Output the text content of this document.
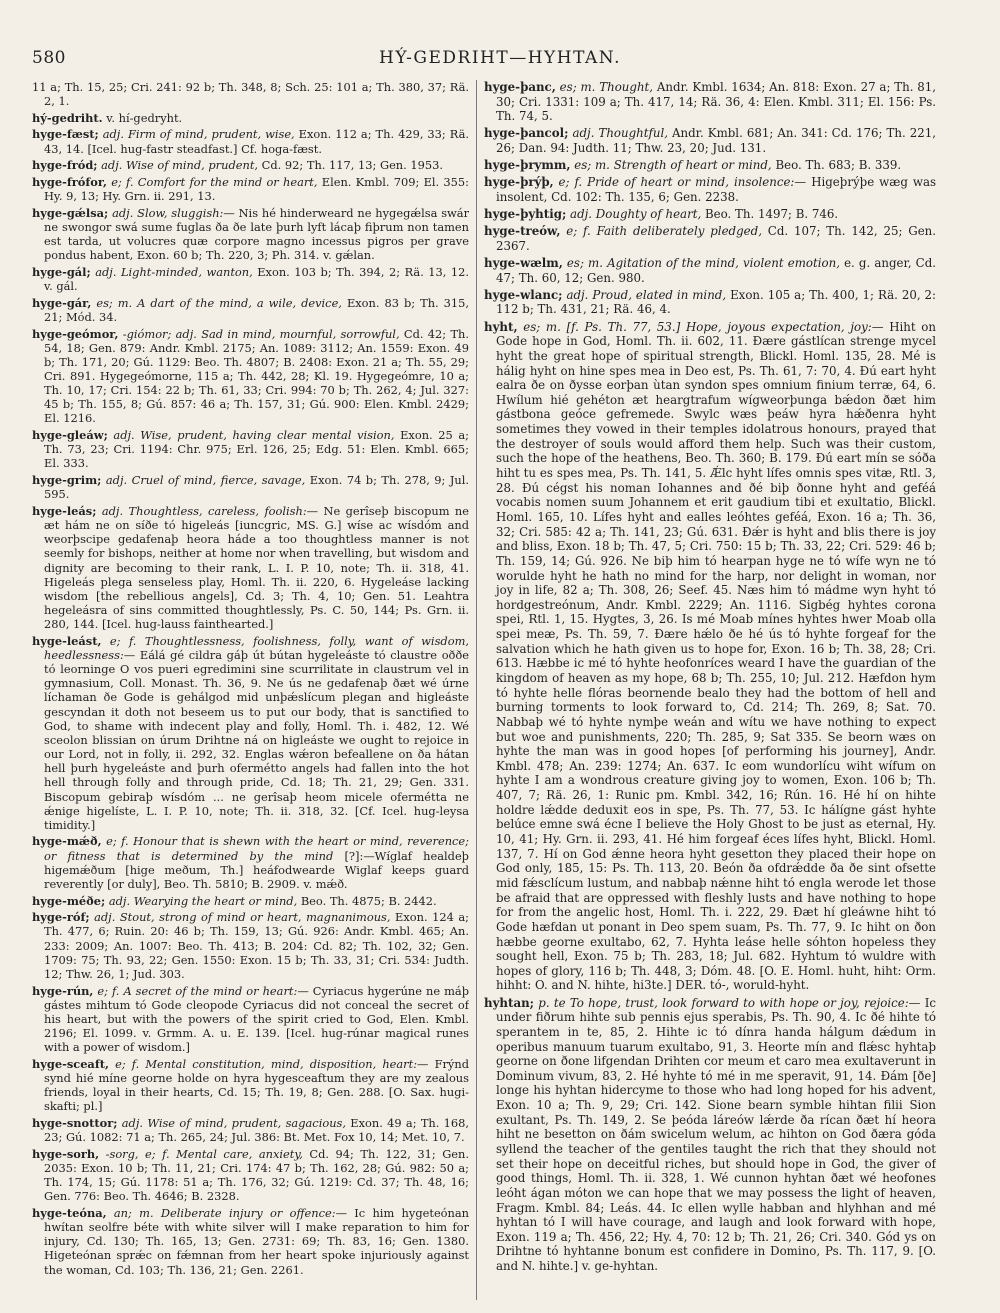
580	HÝ-GEDRIHT—HYHTAN.

11 a; Th. 15, 25; Cri. 241: 92 b; Th. 348, 8; Sch. 25: 101 a; Th. 380, 37; Rä. 2, 1.

hý-gedriht. v. hí-gedryht.

hyge-fæst; adj. Firm of mind, prudent, wise, Exon. 112 a; Th. 429, 33; Rä. 43, 14. [Icel. hug-fastr steadfast.] Cf. hoga-fæst.

hyge-fród; adj. Wise of mind, prudent, Cd. 92; Th. 117, 13; Gen. 1953.

hyge-frófor, e; f. Comfort for the mind or heart, Elen. Kmbl. 709; El. 355: Hy. 9, 13; Hy. Grn. ii. 291, 13.

hyge-gǽlsa; adj. Slow, sluggish:— Nis hé hinderweard ne hygegǽlsa swár ne swongor swá sume fuglas ða ðe late þurh lyft lácaþ fiþrum non tamen est tarda, ut volucres quæ corpore magno incessus pigros per grave pondus habent, Exon. 60 b; Th. 220, 3; Ph. 314. v. gǽlan.

hyge-gál; adj. Light-minded, wanton, Exon. 103 b; Th. 394, 2; Rä. 13, 12. v. gál.

hyge-gár, es; m. A dart of the mind, a wile, device, Exon. 83 b; Th. 315, 21; Mód. 34.

hyge-geómor, -giómor; adj. Sad in mind, mournful, sorrowful, Cd. 42; Th. 54, 18; Gen. 879: Andr. Kmbl. 2175; An. 1089: 3112; An. 1559: Exon. 49 b; Th. 171, 20; Gú. 1129: Beo. Th. 4807; B. 2408: Exon. 21 a; Th. 55, 29; Cri. 891. Hygegeómorne, 115 a; Th. 442, 28; Kl. 19. Hygegeómre, 10 a; Th. 10, 17; Cri. 154: 22 b; Th. 61, 33; Cri. 994: 70 b; Th. 262, 4; Jul. 327: 45 b; Th. 155, 8; Gú. 857: 46 a; Th. 157, 31; Gú. 900: Elen. Kmbl. 2429; El. 1216.

hyge-gleáw; adj. Wise, prudent, having clear mental vision, Exon. 25 a; Th. 73, 23; Cri. 1194: Chr. 975; Erl. 126, 25; Edg. 51: Elen. Kmbl. 665; El. 333.

hyge-grim; adj. Cruel of mind, fierce, savage, Exon. 74 b; Th. 278, 9; Jul. 595.

hyge-leás; adj. Thoughtless, careless, foolish:— Ne gerîseþ biscopum ne æt hám ne on síðe tó higeleás [iuncgric, MS. G.] wíse ac wísdóm and weorþscipe gedafenaþ heora háde a too thoughtless manner is not seemly for bishops, neither at home nor when travelling, but wisdom and dignity are becoming to their rank, L. I. P. 10, note; Th. ii. 318, 41. Higeleás plega senseless play, Homl. Th. ii. 220, 6. Hygeleáse lacking wisdom [the rebellious angels], Cd. 3; Th. 4, 10; Gen. 51. Leahtra hegeleásra of sins committed thoughtlessly, Ps. C. 50, 144; Ps. Grn. ii. 280, 144. [Icel. hug-lauss fainthearted.]

hyge-leást, e; f. Thoughtlessness, foolishness, folly, want of wisdom, heedlessness:— Eálá gé cildra gáþ út bútan hygeleáste tó claustre oððe tó leorninge O vos pueri egredimini sine scurrilitate in claustrum vel in gymnasium, Coll. Monast. Th. 36, 9. Ne ús ne gedafenaþ ðæt wé úrne líchaman ðe Gode is gehálgod mid unþǽslícum plegan and higleáste gescyndan it doth not beseem us to put our body, that is sanctified to God, to shame with indecent play and folly, Homl. Th. i. 482, 12. Wé sceolon blissian on úrum Drihtne ná on higleáste we ought to rejoice in our Lord, not in folly, ii. 292, 32. Englas wǽron befeallene on ða hátan hell þurh hygeleáste and þurh ofermétto angels had fallen into the hot hell through folly and through pride, Cd. 18; Th. 21, 29; Gen. 331. Biscopum gebiraþ wísdóm ... ne gerîsaþ heom micele ofermétta ne ǽnige higelíste, L. I. P. 10, note; Th. ii. 318, 32. [Cf. Icel. hug-leysa timidity.]

hyge-mǽð, e; f. Honour that is shewn with the heart or mind, reverence; or fitness that is determined by the mind [?]:—Wíglaf healdeþ higemǽðum [hige meðum, Th.] heáfodwearde Wiglaf keeps guard reverently [or duly], Beo. Th. 5810; B. 2909. v. mǽð.

hyge-méðe; adj. Wearying the heart or mind, Beo. Th. 4875; B. 2442.

hyge-róf; adj. Stout, strong of mind or heart, magnanimous, Exon. 124 a; Th. 477, 6; Ruin. 20: 46 b; Th. 159, 13; Gú. 926: Andr. Kmbl. 465; An. 233: 2009; An. 1007: Beo. Th. 413; B. 204: Cd. 82; Th. 102, 32; Gen. 1709: 75; Th. 93, 22; Gen. 1550: Exon. 15 b; Th. 33, 31; Cri. 534: Judth. 12; Thw. 26, 1; Jud. 303.

hyge-rún, e; f. A secret of the mind or heart:— Cyriacus hygerúne ne máþ gástes mihtum tó Gode cleopode Cyriacus did not conceal the secret of his heart, but with the powers of the spirit cried to God, Elen. Kmbl. 2196; El. 1099. v. Grmm. A. u. E. 139. [Icel. hug-rúnar magical runes with a power of wisdom.]

hyge-sceaft, e; f. Mental constitution, mind, disposition, heart:— Frýnd synd hié míne georne holde on hyra hygesceaftum they are my zealous friends, loyal in their hearts, Cd. 15; Th. 19, 8; Gen. 288. [O. Sax. hugi-skafti; pl.]

hyge-snottor; adj. Wise of mind, prudent, sagacious, Exon. 49 a; Th. 168, 23; Gú. 1082: 71 a; Th. 265, 24; Jul. 386: Bt. Met. Fox 10, 14; Met. 10, 7.

hyge-sorh, -sorg, e; f. Mental care, anxiety, Cd. 94; Th. 122, 31; Gen. 2035: Exon. 10 b; Th. 11, 21; Cri. 174: 47 b; Th. 162, 28; Gú. 982: 50 a; Th. 174, 15; Gú. 1178: 51 a; Th. 176, 32; Gú. 1219: Cd. 37; Th. 48, 16; Gen. 776: Beo. Th. 4646; B. 2328.

hyge-teóna, an; m. Deliberate injury or offence:— Ic him hygeteónan hwítan seolfre béte with white silver will I make reparation to him for injury, Cd. 130; Th. 165, 13; Gen. 2731: 69; Th. 83, 16; Gen. 1380. Higeteónan sprǽc on fǽmnan from her heart spoke injuriously against the woman, Cd. 103; Th. 136, 21; Gen. 2261.

hyge-þanc, es; m. Thought, Andr. Kmbl. 1634; An. 818: Exon. 27 a; Th. 81, 30; Cri. 1331: 109 a; Th. 417, 14; Rä. 36, 4: Elen. Kmbl. 311; El. 156: Ps. Th. 74, 5.

hyge-þancol; adj. Thoughtful, Andr. Kmbl. 681; An. 341: Cd. 176; Th. 221, 26; Dan. 94: Judth. 11; Thw. 23, 20; Jud. 131.

hyge-þrymm, es; m. Strength of heart or mind, Beo. Th. 683; B. 339.

hyge-þrýþ, e; f. Pride of heart or mind, insolence:— Higeþrýþe wæg was insolent, Cd. 102: Th. 135, 6; Gen. 2238.

hyge-þyhtig; adj. Doughty of heart, Beo. Th. 1497; B. 746.

hyge-treów, e; f. Faith deliberately pledged, Cd. 107; Th. 142, 25; Gen. 2367.

hyge-wælm, es; m. Agitation of the mind, violent emotion, e. g. anger, Cd. 47; Th. 60, 12; Gen. 980.

hyge-wlanc; adj. Proud, elated in mind, Exon. 105 a; Th. 400, 1; Rä. 20, 2: 112 b; Th. 431, 21; Rä. 46, 4.

hyht, es; m. [f. Ps. Th. 77, 53.] Hope, joyous expectation, joy:— Hiht on Gode hope in God, Homl. Th. ii. 602, 11. Ðære gástlícan strenge mycel hyht the great hope of spiritual strength, Blickl. Homl. 135, 28. Mé is hálig hyht on hine spes mea in Deo est, Ps. Th. 61, 7: 70, 4. Ðú eart hyht ealra ðe on ðysse eorþan ùtan syndon spes omnium finium terræ, 64, 6. Hwílum hié gehéton æt heargtrafum wígweorþunga bǽdon ðæt him gástbona geóce gefremede. Swylc wæs þeáw hyra hǽðenra hyht sometimes they vowed in their temples idolatrous honours, prayed that the destroyer of souls would afford them help. Such was their custom, such the hope of the heathens, Beo. Th. 360; B. 179. Ðú eart mín se sóða hiht tu es spes mea, Ps. Th. 141, 5. Ǽlc hyht lífes omnis spes vitæ, Rtl. 3, 28. Ðú cégst his noman Iohannes and ðé biþ ðonne hyht and geféá vocabis nomen suum Johannem et erit gaudium tibi et exultatio, Blickl. Homl. 165, 10. Lífes hyht and ealles leóhtes geféá, Exon. 16 a; Th. 36, 32; Cri. 585: 42 a; Th. 141, 23; Gú. 631. Ðǽr is hyht and blis there is joy and bliss, Exon. 18 b; Th. 47, 5; Cri. 750: 15 b; Th. 33, 22; Cri. 529: 46 b; Th. 159, 14; Gú. 926. Ne biþ him tó hearpan hyge ne tó wífe wyn ne tó worulde hyht he hath no mind for the harp, nor delight in woman, nor joy in life, 82 a; Th. 308, 26; Seef. 45. Næs him tó mádme wyn hyht tó hordgestreónum, Andr. Kmbl. 2229; An. 1116. Sigbég hyhtes corona spei, Rtl. 1, 15. Hygtes, 3, 26. Is mé Moab mínes hyhtes hwer Moab olla spei meæ, Ps. Th. 59, 7. Ðære hǽlo ðe hé ús tó hyhte forgeaf for the salvation which he hath given us to hope for, Exon. 16 b; Th. 38, 28; Cri. 613. Hæbbe ic mé tó hyhte heofonríces weard I have the guardian of the kingdom of heaven as my hope, 68 b; Th. 255, 10; Jul. 212. Hæfdon hym tó hyhte helle flóras beornende bealo they had the bottom of hell and burning torments to look forward to, Cd. 214; Th. 269, 8; Sat. 70. Nabbaþ wé tó hyhte nymþe weán and wítu we have nothing to expect but woe and punishments, 220; Th. 285, 9; Sat 335. Se beorn wæs on hyhte the man was in good hopes [of performing his journey], Andr. Kmbl. 478; An. 239: 1274; An. 637. Ic eom wundorlícu wiht wífum on hyhte I am a wondrous creature giving joy to women, Exon. 106 b; Th. 407, 7; Rä. 26, 1: Runic pm. Kmbl. 342, 16; Rún. 16. Hé hí on hihte holdre lǽdde deduxit eos in spe, Ps. Th. 77, 53. Ic hálígne gást hyhte belúce emne swá écne I believe the Holy Ghost to be just as eternal, Hy. 10, 41; Hy. Grn. ii. 293, 41. Hé him forgeaf éces lífes hyht, Blickl. Homl. 137, 7. Hí on God ǽnne heora hyht gesetton they placed their hope on God only, 185, 15: Ps. Th. 113, 20. Beón ða ofdrǽdde ða ðe sint ofsette mid fǽsclícum lustum, and nabbaþ nǽnne hiht tó engla werode let those be afraid that are oppressed with fleshly lusts and have nothing to hope for from the angelic host, Homl. Th. i. 222, 29. Ðæt hí gleáwne hiht tó Gode hæfdan ut ponant in Deo spem suam, Ps. Th. 77, 9. Ic hiht on ðon hæbbe georne exultabo, 62, 7. Hyhta leáse helle sóhton hopeless they sought hell, Exon. 75 b; Th. 283, 18; Jul. 682. Hyhtum tó wuldre with hopes of glory, 116 b; Th. 448, 3; Dóm. 48. [O. E. Homl. huht, hiht: Orm. hihht: O. and N. hihte, hi3te.] DER. tó-, woruld-hyht.

hyhtan; p. te To hope, trust, look forward to with hope or joy, rejoice:— Ic under fiðrum hihte sub pennis ejus sperabis, Ps. Th. 90, 4. Ic ðé hihte tó sperantem in te, 85, 2. Hihte ic tó dínra handa hálgum dǽdum in operibus manuum tuarum exultabo, 91, 3. Heorte mín and flǽsc hyhtaþ georne on ðone lifgendan Drihten cor meum et caro mea exultaverunt in Dominum vivum, 83, 2. Hé hyhte tó mé in me speravit, 91, 14. Ðám [ðe] longe his hyhtan hidercyme to those who had long hoped for his advent, Exon. 10 a; Th. 9, 29; Cri. 142. Sione bearn symble hihtan filii Sion exultant, Ps. Th. 149, 2. Se þeóda láreów lǽrde ða rícan ðæt hí heora hiht ne besetton on ðám swicelum welum, ac hihton on God ðæra góda syllend the teacher of the gentiles taught the rich that they should not set their hope on deceitful riches, but should hope in God, the giver of good things, Homl. Th. ii. 328, 1. Wé cunnon hyhtan ðæt wé heofones leóht ágan móton we can hope that we may possess the light of heaven, Fragm. Kmbl. 84; Leás. 44. Ic ellen wylle habban and hlyhhan and mé hyhtan tó I will have courage, and laugh and look forward with hope, Exon. 119 a; Th. 456, 22; Hy. 4, 70: 12 b; Th. 21, 26; Cri. 340. Gód ys on Drihtne tó hyhtanne bonum est confidere in Domino, Ps. Th. 117, 9. [O. and N. hihte.] v. ge-hyhtan.
